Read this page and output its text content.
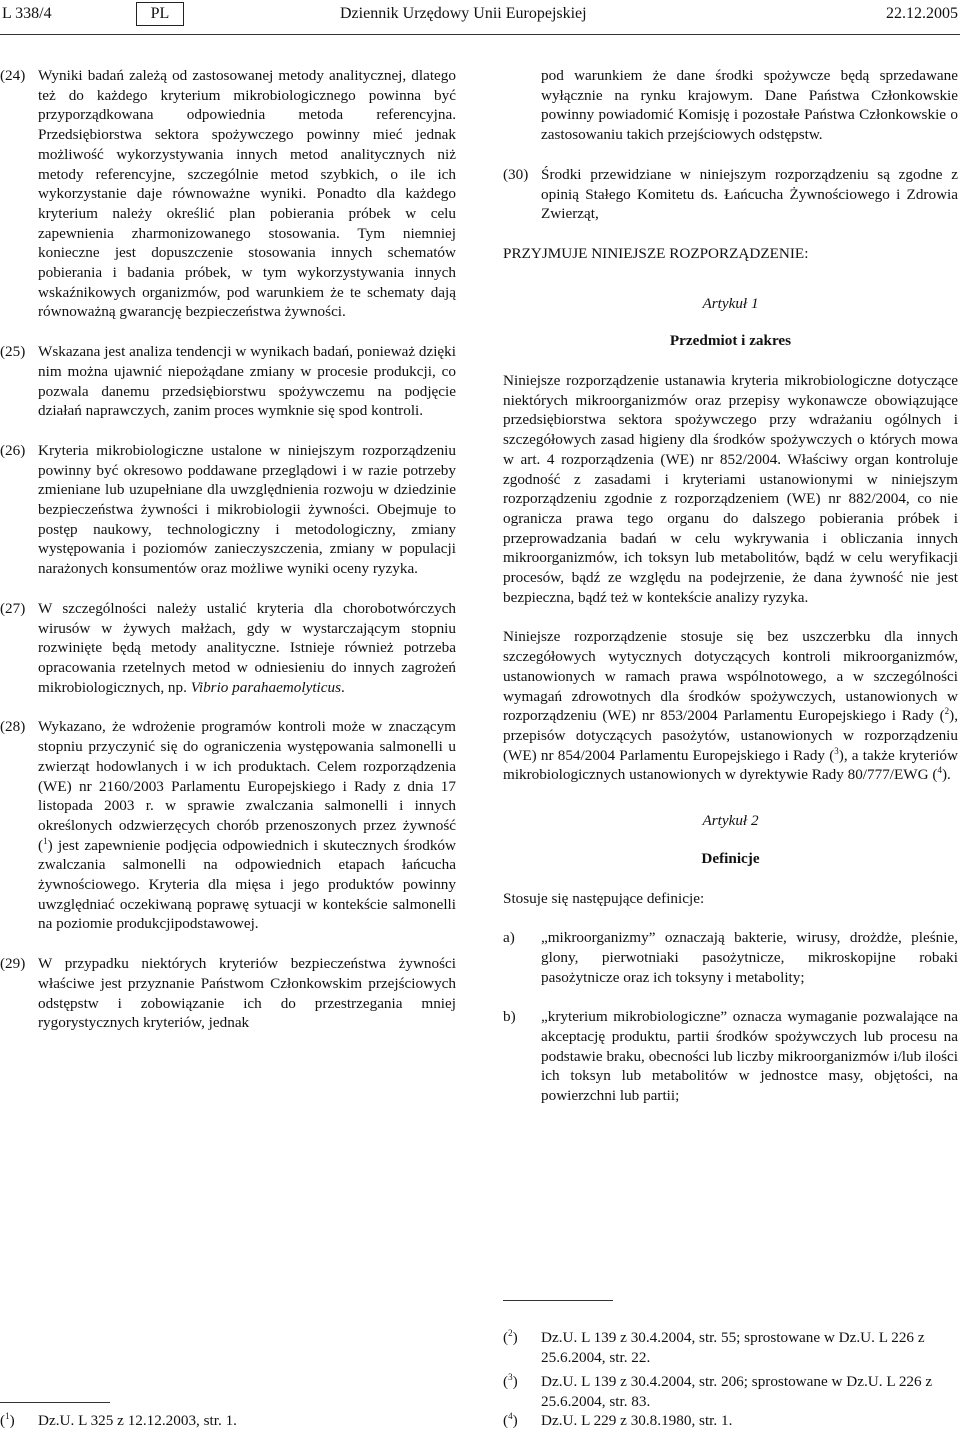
L 338/4	PL	Dziennik Urzędowy Unii Europejskiej	22.12.2005
(24) Wyniki badań zależą od zastosowanej metody analitycznej, dlatego też do każdego kryterium mikrobiologicznego powinna być przyporządkowana odpowiednia metoda referencyjna. Przedsiębiorstwa sektora spożywczego powinny mieć jednak możliwość wykorzystywania innych metod analitycznych niż metody referencyjne, szczególnie metod szybkich, o ile ich wykorzystanie daje równoważne wyniki. Ponadto dla każdego kryterium należy określić plan pobierania próbek w celu zapewnienia zharmonizowanego stosowania. Tym niemniej konieczne jest dopuszczenie stosowania innych schematów pobierania i badania próbek, w tym wykorzystywania innych wskaźnikowych organizmów, pod warunkiem że te schematy dają równoważną gwarancję bezpieczeństwa żywności.
(25) Wskazana jest analiza tendencji w wynikach badań, ponieważ dzięki nim można ujawnić niepożądane zmiany w procesie produkcji, co pozwala danemu przedsiębiorstwu spożywczemu na podjęcie działań naprawczych, zanim proces wymknie się spod kontroli.
(26) Kryteria mikrobiologiczne ustalone w niniejszym rozporządzeniu powinny być okresowo poddawane przeglądowi i w razie potrzeby zmieniane lub uzupełniane dla uwzględnienia rozwoju w dziedzinie bezpieczeństwa żywności i mikrobiologii żywności. Obejmuje to postęp naukowy, technologiczny i metodologiczny, zmiany występowania i poziomów zanieczyszczenia, zmiany w populacji narażonych konsumentów oraz możliwe wyniki oceny ryzyka.
(27) W szczególności należy ustalić kryteria dla chorobotwórczych wirusów w żywych małżach, gdy w wystarczającym stopniu rozwinięte będą metody analityczne. Istnieje również potrzeba opracowania rzetelnych metod w odniesieniu do innych zagrożeń mikrobiologicznych, np. Vibrio parahaemolyticus.
(28) Wykazano, że wdrożenie programów kontroli może w znaczącym stopniu przyczynić się do ograniczenia występowania salmonelli u zwierząt hodowlanych i w ich produktach. Celem rozporządzenia (WE) nr 2160/2003 Parlamentu Europejskiego i Rady z dnia 17 listopada 2003 r. w sprawie zwalczania salmonelli i innych określonych odzwierzęcych chorób przenoszonych przez żywność ($^1$) jest zapewnienie podjęcia odpowiednich i skutecznych środków zwalczania salmonelli na odpowiednich etapach łańcucha żywnościowego. Kryteria dla mięsa i jego produktów powinny uwzględniać oczekiwaną poprawę sytuacji w kontekście salmonelli na poziomie produkcjipodstawowej.
(29) W przypadku niektórych kryteriów bezpieczeństwa żywności właściwe jest przyznanie Państwom Członkowskim przejściowych odstępstw i zobowiązanie ich do przestrzegania mniej rygorystycznych kryteriów, jednak
($^1$)	Dz.U. L 325 z 12.12.2003, str. 1.
pod warunkiem że dane środki spożywcze będą sprzedawane wyłącznie na rynku krajowym. Dane Państwa Członkowskie powinny powiadomić Komisję i pozostałe Państwa Członkowskie o zastosowaniu takich przejściowych odstępstw.
(30) Środki przewidziane w niniejszym rozporządzeniu są zgodne z opinią Stałego Komitetu ds. Łańcucha Żywnościowego i Zdrowia Zwierząt,
PRZYJMUJE NINIEJSZE ROZPORZĄDZENIE:
Artykuł 1
Przedmiot i zakres
Niniejsze rozporządzenie ustanawia kryteria mikrobiologiczne dotyczące niektórych mikroorganizmów oraz przepisy wykonawcze obowiązujące przedsiębiorstwa sektora spożywczego przy wdrażaniu ogólnych i szczegółowych zasad higieny dla środków spożywczych o których mowa w art. 4 rozporządzenia (WE) nr 852/2004. Właściwy organ kontroluje zgodność z zasadami i kryteriami ustanowionymi w niniejszym rozporządzeniu zgodnie z rozporządzeniem (WE) nr 882/2004, co nie ogranicza prawa tego organu do dalszego pobierania próbek i przeprowadzania badań w celu wykrywania i obliczania innych mikroorganizmów, ich toksyn lub metabolitów, bądź w celu weryfikacji procesów, bądź ze względu na podejrzenie, że dana żywność nie jest bezpieczna, bądź też w kontekście analizy ryzyka.
Niniejsze rozporządzenie stosuje się bez uszczerbku dla innych szczegółowych wytycznych dotyczących kontroli mikroorganizmów, ustanowionych w ramach prawa wspólnotowego, a w szczególności wymagań zdrowotnych dla środków spożywczych, ustanowionych w rozporządzeniu (WE) nr 853/2004 Parlamentu Europejskiego i Rady ($^2$), przepisów dotyczących pasożytów, ustanowionych w rozporządzeniu (WE) nr 854/2004 Parlamentu Europejskiego i Rady ($^3$), a także kryteriów mikrobiologicznych ustanowionych w dyrektywie Rady 80/777/EWG ($^4$).
Artykuł 2
Definicje
Stosuje się następujące definicje:
a) „mikroorganizmy” oznaczają bakterie, wirusy, drożdże, pleśnie, glony, pierwotniaki pasożytnicze, mikroskopijne robaki pasożytnicze oraz ich toksyny i metabolity;
b) „kryterium mikrobiologiczne” oznacza wymaganie pozwalające na akceptację produktu, partii środków spożywczych lub procesu na podstawie braku, obecności lub liczby mikroorganizmów i/lub ilości ich toksyn lub metabolitów w jednostce masy, objętości, na powierzchni lub partii;
($^2$)	Dz.U. L 139 z 30.4.2004, str. 55; sprostowane w Dz.U. L 226 z 25.6.2004, str. 22.
($^3$)	Dz.U. L 139 z 30.4.2004, str. 206; sprostowane w Dz.U. L 226 z 25.6.2004, str. 83.
($^4$)	Dz.U. L 229 z 30.8.1980, str. 1.
